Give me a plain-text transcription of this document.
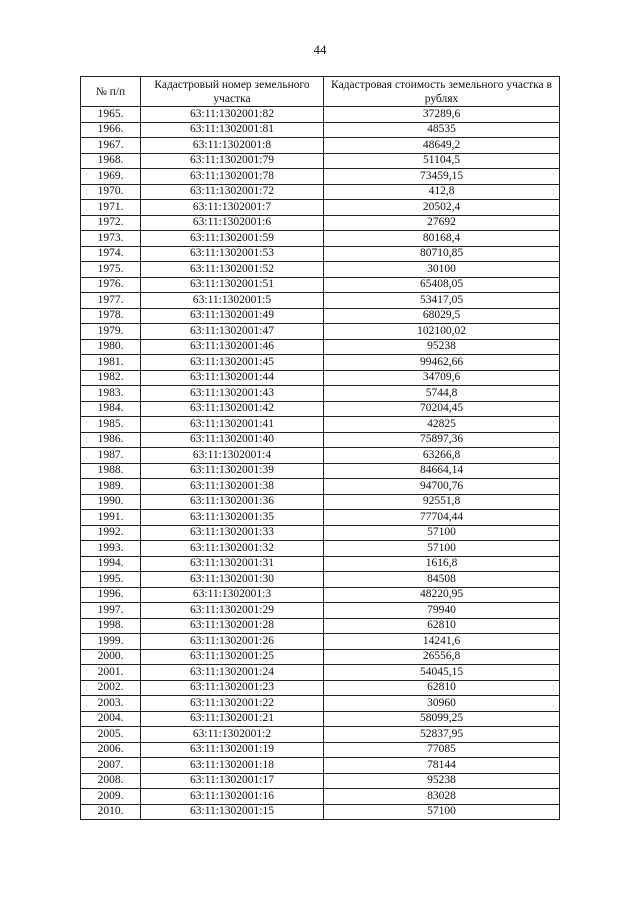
44
№ п/п	Кадастровый номер земельного участка	Кадастровая стоимость земельного участка в рублях
1965.	63:11:1302001:82	37289,6
1966.	63:11:1302001:81	48535
1967.	63:11:1302001:8	48649,2
1968.	63:11:1302001:79	51104,5
1969.	63:11:1302001:78	73459,15
1970.	63:11:1302001:72	412,8
1971.	63:11:1302001:7	20502,4
1972.	63:11:1302001:6	27692
1973.	63:11:1302001:59	80168,4
1974.	63:11:1302001:53	80710,85
1975.	63:11:1302001:52	30100
1976.	63:11:1302001:51	65408,05
1977.	63:11:1302001:5	53417,05
1978.	63:11:1302001:49	68029,5
1979.	63:11:1302001:47	102100,02
1980.	63:11:1302001:46	95238
1981.	63:11:1302001:45	99462,66
1982.	63:11:1302001:44	34709,6
1983.	63:11:1302001:43	5744,8
1984.	63:11:1302001:42	70204,45
1985.	63:11:1302001:41	42825
1986.	63:11:1302001:40	75897,36
1987.	63:11:1302001:4	63266,8
1988.	63:11:1302001:39	84664,14
1989.	63:11:1302001:38	94700,76
1990.	63:11:1302001:36	92551,8
1991.	63:11:1302001:35	77704,44
1992.	63:11:1302001:33	57100
1993.	63:11:1302001:32	57100
1994.	63:11:1302001:31	1616,8
1995.	63:11:1302001:30	84508
1996.	63:11:1302001:3	48220,95
1997.	63:11:1302001:29	79940
1998.	63:11:1302001:28	62810
1999.	63:11:1302001:26	14241,6
2000.	63:11:1302001:25	26556,8
2001.	63:11:1302001:24	54045,15
2002.	63:11:1302001:23	62810
2003.	63:11:1302001:22	30960
2004.	63:11:1302001:21	58099,25
2005.	63:11:1302001:2	52837,95
2006.	63:11:1302001:19	77085
2007.	63:11:1302001:18	78144
2008.	63:11:1302001:17	95238
2009.	63:11:1302001:16	83028
2010.	63:11:1302001:15	57100
